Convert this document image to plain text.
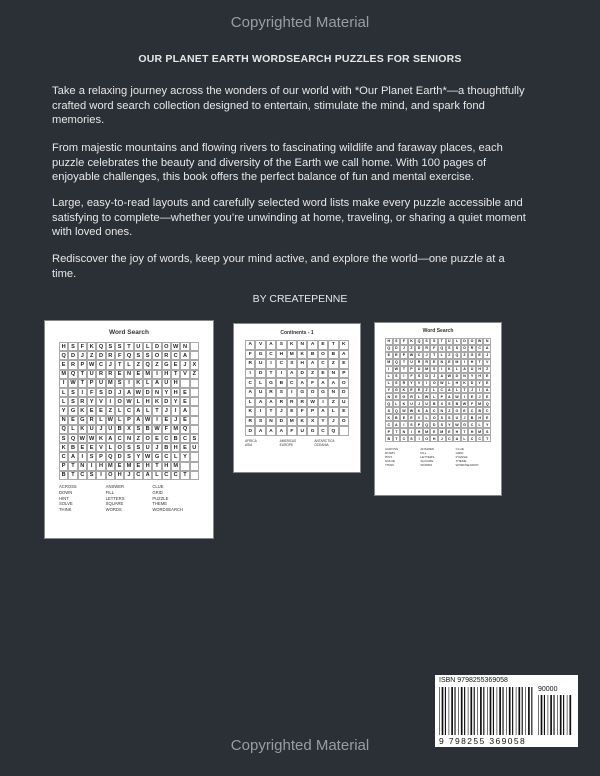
Copyrighted Material
OUR PLANET EARTH WORDSEARCH PUZZLES FOR SENIORS

Take a relaxing journey across the wonders of our world with *Our Planet Earth*—a thoughtfully crafted word search collection designed to entertain, stimulate the mind, and spark fond memories.

From majestic mountains and flowing rivers to fascinating wildlife and faraway places, each puzzle celebrates the beauty and diversity of the Earth we call home. With 100 pages of enjoyable challenges, this book offers the perfect balance of fun and mental exercise.

Large, easy-to-read layouts and carefully selected word lists make every puzzle accessible and satisfying to complete—whether you’re unwinding at home, traveling, or sharing a quiet moment with loved ones.

Rediscover the joy of words, keep your mind active, and explore the world—one puzzle at a time.

BY CREATEPENNE
Word Search
H S	F K Q S S	T U L	D O W N
Q D	J	Z	D R F Q S S O R C A
E R P W C	J	T	L	Z Q Z G E	J	X
M Q T U R R E N E M	I	H T	V	Z
I	W T	P U M S	I	K L	A U H
L	S	I	F	S D	J	A W D N Y H E
L	S R Y	V	I	O W L H K D Y	E
Y G K E	E	Z	L	C A L	T	J	I	A
N E G R	L W L	P A W	I	E	J	E
Q L K U	J	U B X S B W F M Q
S Q W W K A C N Z O E C B C S
K B E E	V	L O S S U	J	B H E U
C A	I	S	P Q D S Y W G C L	Y
P	T N	I	H M E M E H	T H M
B T C S	I	O H	J	C A	L C C	T
ACROSS	ANSWER	CLUE
DOWN	FILL	GRID
HINT	LETTERS	PUZZLE
SOLVE	SQUARE	THEME
THINK	WORDS	WORDSEARCH
Continents - 1
A	V	A	S	K	N	A	E	T	K
F	G	C	H	M	K	B	O	B	A
R	U	I	C	S	H	A	C	Z	E
I	D	T	I	A	D	Z	E	N	P
C	L	G	B	C	A	F	A	A	O
A	U	R	S	I	G	O	G	N	D
L	A	A	R	R	R	W	I	Z	U
K	I	T	J	E	F	P	A	L	E
R	S	N	D	M	K	X	Y	J	O
D	A	A	A	F	U	G	C	Q
AFRICA	AMERICAS	ANTARCTICA
ASIA	EUROPE	OCEANIA
Word Search
H	S	F	K	Q	S	S	T	U	L	D	O	W	N
Q	D	J	Z	D	R	F	Q	S	S	O	R	C	A
E	R	P	W	C	J	T	L	Z	Q	Z	G	E	J
M	Q	T	U	R	R	E	N	E	M	I	H	T	V
I	W	T	P	U	M	S	I	K	L	A	U	H	Z
L	S	I	F	S	D	J	A	W	D	N	Y	H	E
L	S	R	Y	V	I	O	W	L	H	K	D	Y	E
Y	G	K	E	E	Z	L	C	A	L	T	J	I	A
N	E	G	R	L	W	L	P	A	W	I	E	J	E
Q	L	K	U	J	U	B	X	S	B	W	F	M	Q
S	Q	W	W	K	A	C	N	Z	O	E	C	B	C
K	B	E	E	V	L	O	S	S	U	J	B	H	E
C	A	I	S	P	Q	D	S	Y	W	G	C	L	Y
P	T	N	I	H	M	E	M	E	H	T	H	M	S
B	T	C	S	I	O	H	J	C	A	L	C	C	T
ACROSS	ANSWER	CLUE
DOWN	FILL	GRID
HINT	LETTERS	PUZZLE
SOLVE	SQUARE	THEME
THINK	WORDS	WORDSEARCH
ISBN 9798255369058
90000
9 798255 369058
Copyrighted Material
